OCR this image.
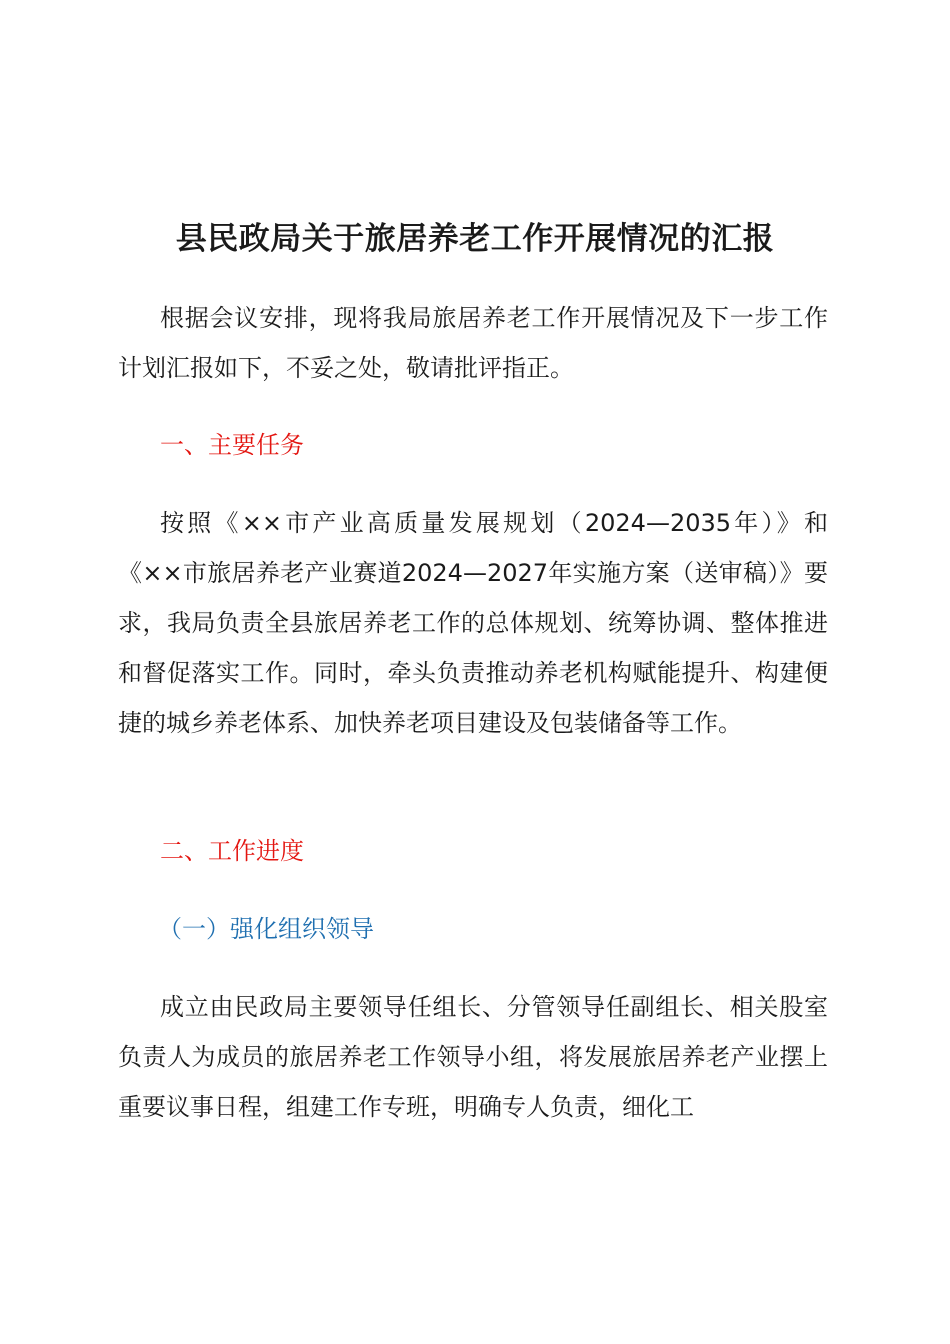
县民政局关于旅居养老工作开展情况的汇报

根据会议安排，现将我局旅居养老工作开展情况及下一步工作计划汇报如下，不妥之处，敬请批评指正。

一、主要任务

按照《××市产业高质量发展规划（2024—2035年）》和《××市旅居养老产业赛道2024—2027年实施方案（送审稿）》要求，我局负责全县旅居养老工作的总体规划、统筹协调、整体推进和督促落实工作。同时，牵头负责推动养老机构赋能提升、构建便捷的城乡养老体系、加快养老项目建设及包装储备等工作。

二、工作进度
（一）强化组织领导

成立由民政局主要领导任组长、分管领导任副组长、相关股室负责人为成员的旅居养老工作领导小组，将发展旅居养老产业摆上重要议事日程，组建工作专班，明确专人负责，细化工
